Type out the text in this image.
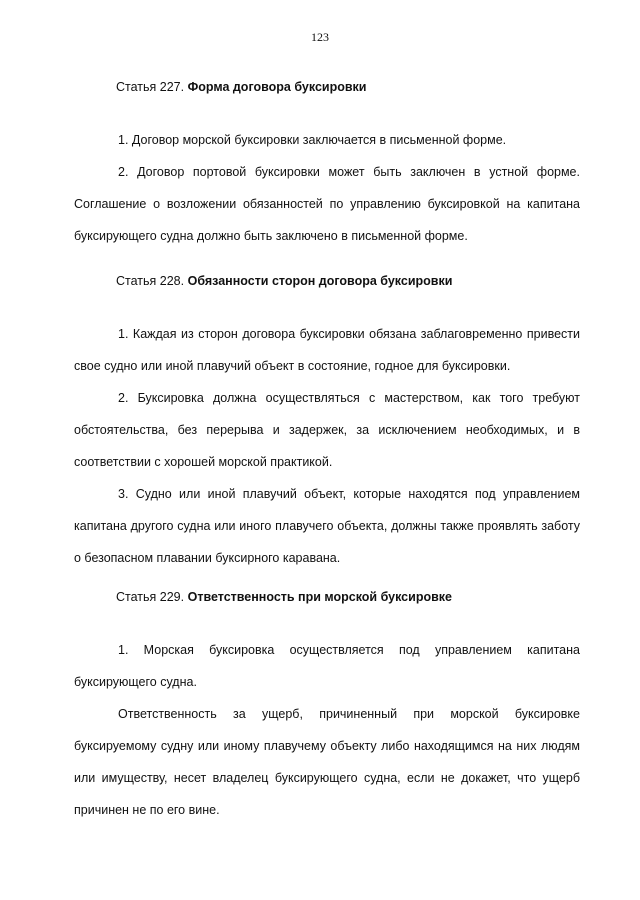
123

Статья 227. Форма договора буксировки

1. Договор морской буксировки заключается в письменной форме.

2. Договор портовой буксировки может быть заключен в устной форме. Соглашение о возложении обязанностей по управлению буксировкой на капитана буксирующего судна должно быть заключено в письменной форме.

Статья 228. Обязанности сторон договора буксировки

1. Каждая из сторон договора буксировки обязана заблаговременно привести свое судно или иной плавучий объект в состояние, годное для буксировки.

2. Буксировка должна осуществляться с мастерством, как того требуют обстоятельства, без перерыва и задержек, за исключением необходимых, и в соответствии с хорошей морской практикой.

3. Судно или иной плавучий объект, которые находятся под управлением капитана другого судна или иного плавучего объекта, должны также проявлять заботу о безопасном плавании буксирного каравана.

Статья 229. Ответственность при морской буксировке

1. Морская буксировка осуществляется под управлением капитана буксирующего судна.

Ответственность за ущерб, причиненный при морской буксировке буксируемому судну или иному плавучему объекту либо находящимся на них людям или имуществу, несет владелец буксирующего судна, если не докажет, что ущерб причинен не по его вине.
